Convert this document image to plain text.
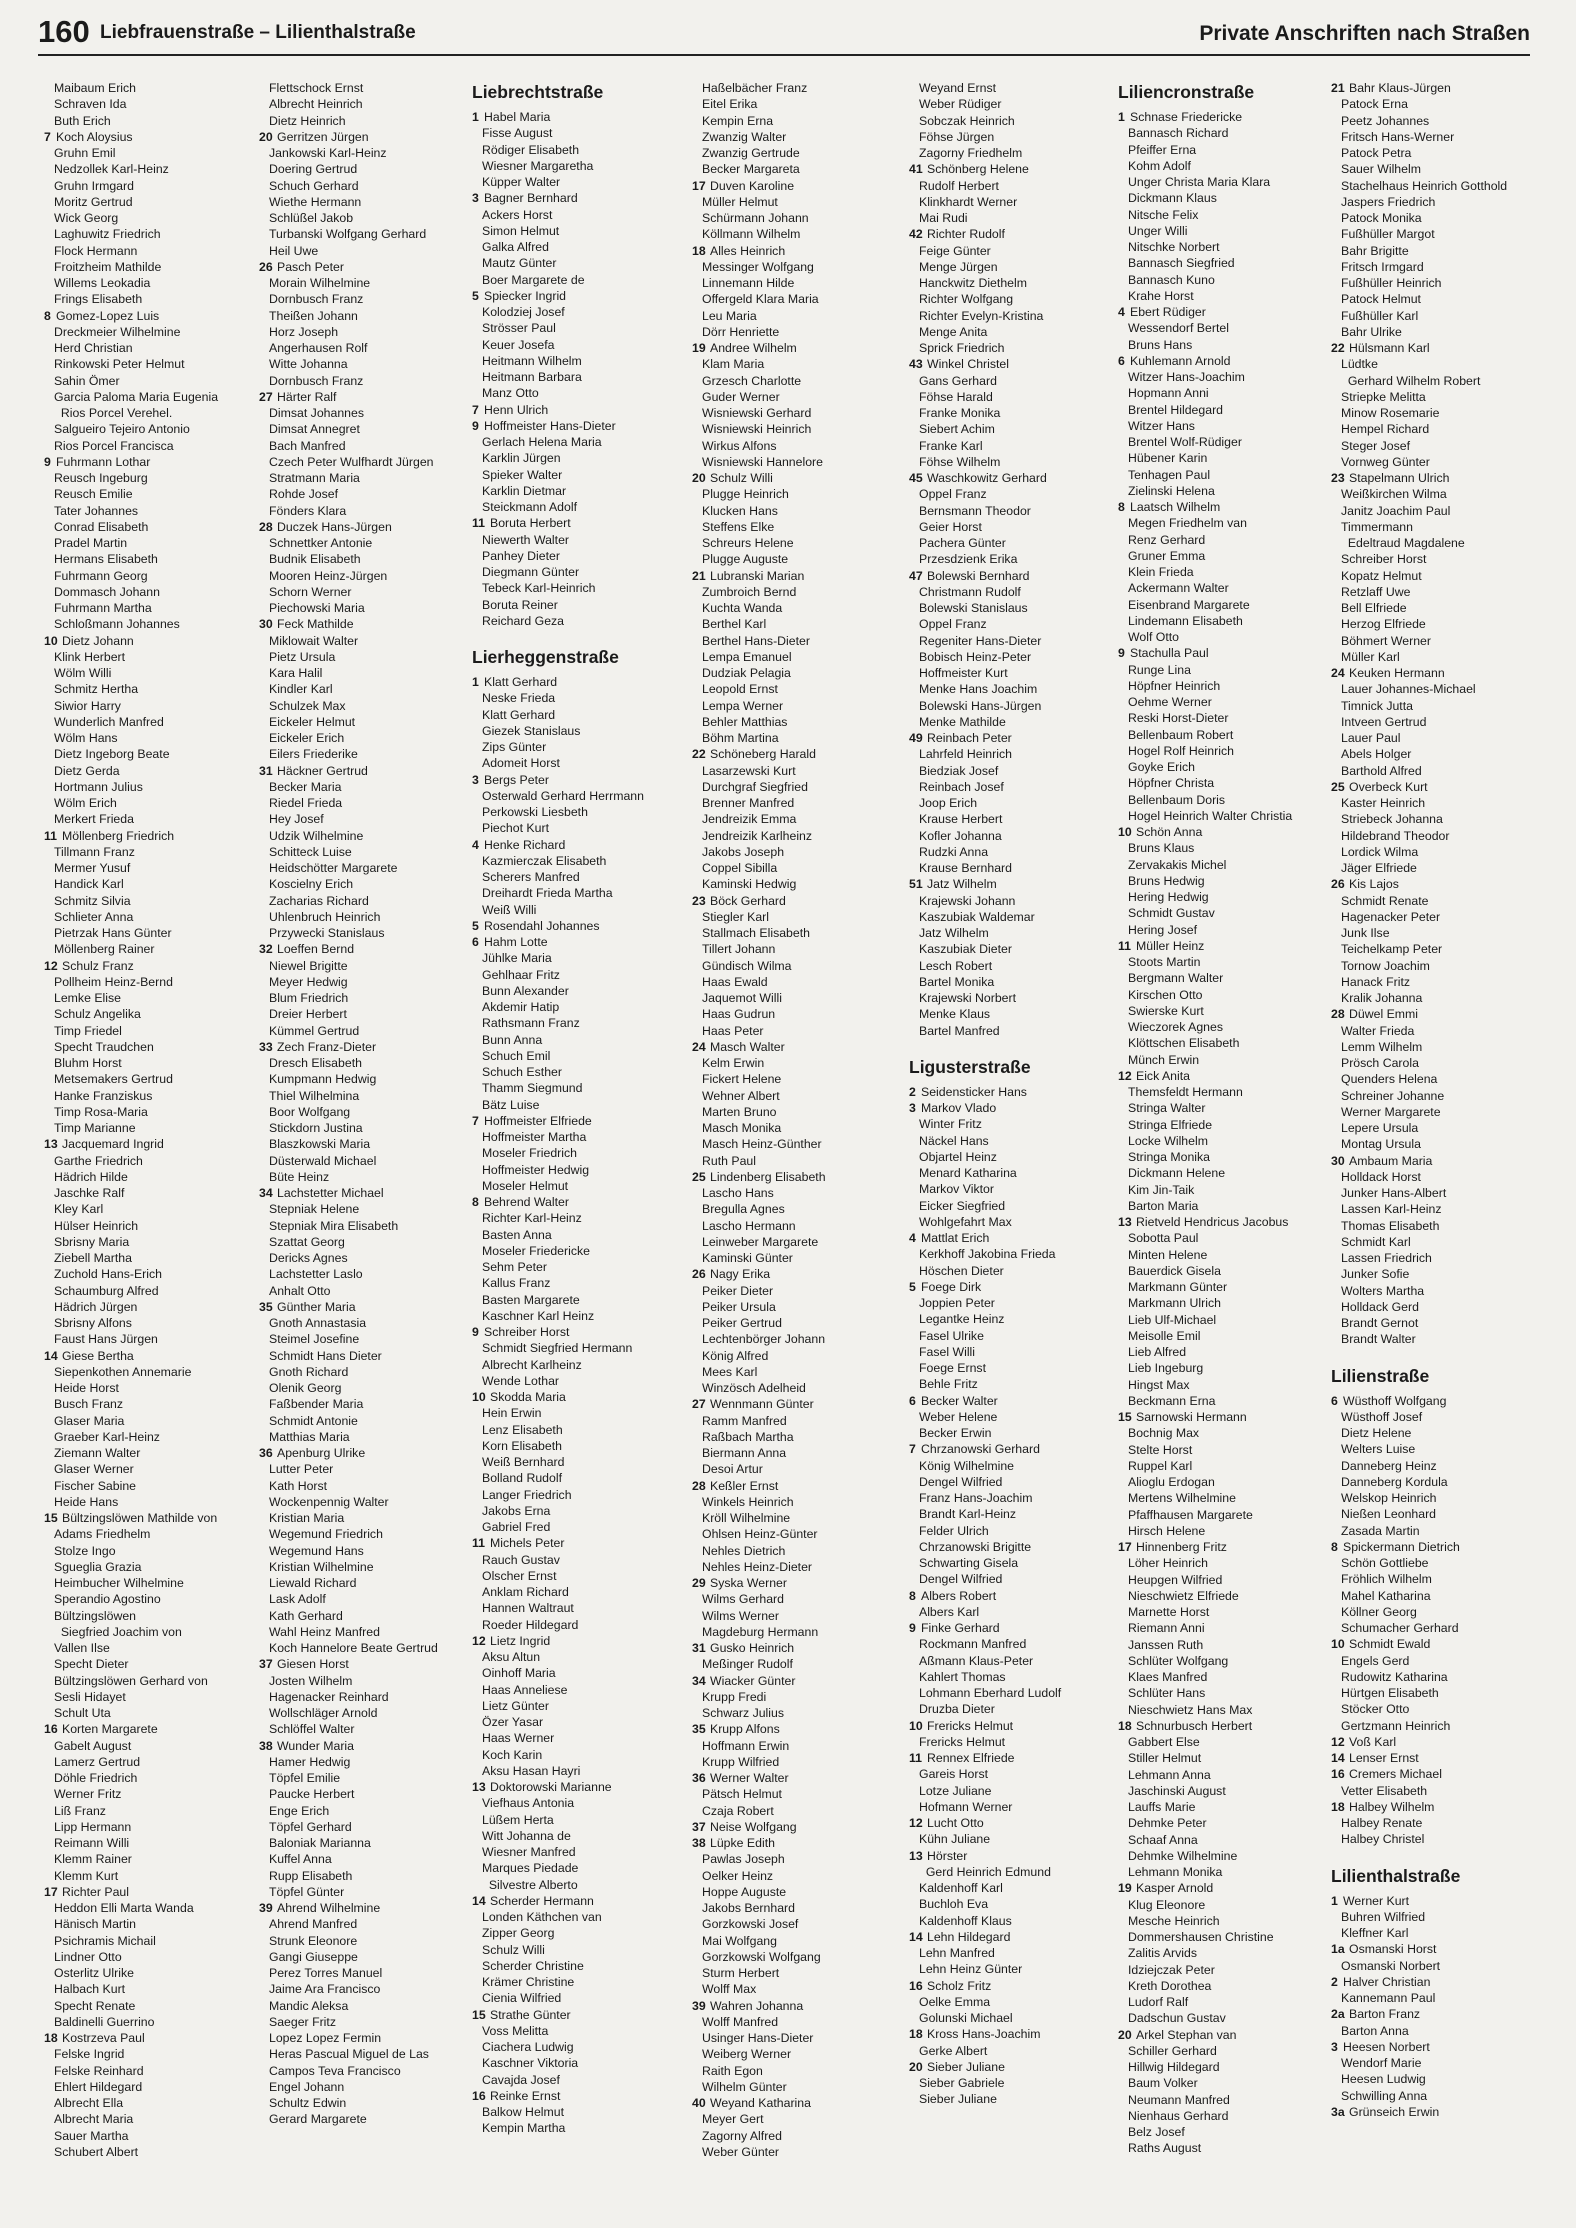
160 Liebfrauenstraße – Lilienthalstraße	Private Anschriften nach Straßen
Maibaum Erich
Schraven Ida
Buth Erich
7 Koch Aloysius
Gruhn Emil
Nedzollek Karl-Heinz
Gruhn Irmgard
Moritz Gertrud
Wick Georg
Laghuwitz Friedrich
Flock Hermann
Froitzheim Mathilde
Willems Leokadia
Frings Elisabeth
8 Gomez-Lopez Luis
Dreckmeier Wilhelmine
Herd Christian
Rinkowski Peter Helmut
Sahin Ömer
Garcia Paloma Maria Eugenia
Rios Porcel Verehel.
Salgueiro Tejeiro Antonio
Rios Porcel Francisca
9 Fuhrmann Lothar
Reusch Ingeburg
Reusch Emilie
Tater Johannes
Conrad Elisabeth
Pradel Martin
Hermans Elisabeth
Fuhrmann Georg
Dommasch Johann
Fuhrmann Martha
Schloßmann Johannes
10 Dietz Johann
Klink Herbert
Wölm Willi
Schmitz Hertha
Siwior Harry
Wunderlich Manfred
Wölm Hans
Dietz Ingeborg Beate
Dietz Gerda
Hortmann Julius
Wölm Erich
Merkert Frieda
11 Möllenberg Friedrich
Tillmann Franz
Mermer Yusuf
Handick Karl
Schmitz Silvia
Schlieter Anna
Pietrzak Hans Günter
Möllenberg Rainer
12 Schulz Franz
Pollheim Heinz-Bernd
Lemke Elise
Schulz Angelika
Timp Friedel
Specht Traudchen
Bluhm Horst
Metsemakers Gertrud
Hanke Franziskus
Timp Rosa-Maria
Timp Marianne
13 Jacquemard Ingrid
Garthe Friedrich
Hädrich Hilde
Jaschke Ralf
Kley Karl
Hülser Heinrich
Sbrisny Maria
Ziebell Martha
Zuchold Hans-Erich
Schaumburg Alfred
Hädrich Jürgen
Sbrisny Alfons
Faust Hans Jürgen
14 Giese Bertha
Siepenkothen Annemarie
Heide Horst
Busch Franz
Glaser Maria
Graeber Karl-Heinz
Ziemann Walter
Glaser Werner
Fischer Sabine
Heide Hans
15 Bültzingslöwen Mathilde von
Adams Friedhelm
Stolze Ingo
Sgueglia Grazia
Heimbucher Wilhelmine
Sperandio Agostino
Bültzingslöwen
Siegfried Joachim von
Vallen Ilse
Specht Dieter
Bültzingslöwen Gerhard von
Sesli Hidayet
Schult Uta
16 Korten Margarete
Gabelt August
Lamerz Gertrud
Döhle Friedrich
Werner Fritz
Liß Franz
Lipp Hermann
Reimann Willi
Klemm Rainer
Klemm Kurt
17 Richter Paul
Heddon Elli Marta Wanda
Hänisch Martin
Psichramis Michail
Lindner Otto
Osterlitz Ulrike
Halbach Kurt
Specht Renate
Baldinelli Guerrino
18 Kostrzeva Paul
Felske Ingrid
Felske Reinhard
Ehlert Hildegard
Albrecht Ella
Albrecht Maria
Sauer Martha
Schubert Albert
Flettschock Ernst
Albrecht Heinrich
Dietz Heinrich
20 Gerritzen Jürgen
Jankowski Karl-Heinz
Doering Gertrud
Schuch Gerhard
Wiethe Hermann
Schlüßel Jakob
Turbanski Wolfgang Gerhard
Heil Uwe
26 Pasch Peter
Morain Wilhelmine
Dornbusch Franz
Theißen Johann
Horz Joseph
Angerhausen Rolf
Witte Johanna
Dornbusch Franz
27 Härter Ralf
Dimsat Johannes
Dimsat Annegret
Bach Manfred
Czech Peter Wulfhardt Jürgen
Stratmann Maria
Rohde Josef
Fönders Klara
28 Duczek Hans-Jürgen
Schnettker Antonie
Budnik Elisabeth
Mooren Heinz-Jürgen
Schorn Werner
Piechowski Maria
30 Feck Mathilde
Miklowait Walter
Pietz Ursula
Kara Halil
Kindler Karl
Schulzek Max
Eickeler Helmut
Eickeler Erich
Eilers Friederike
31 Häckner Gertrud
Becker Maria
Riedel Frieda
Hey Josef
Udzik Wilhelmine
Schitteck Luise
Heidschötter Margarete
Koscielny Erich
Zacharias Richard
Uhlenbruch Heinrich
Przywecki Stanislaus
32 Loeffen Bernd
Niewel Brigitte
Meyer Hedwig
Blum Friedrich
Dreier Herbert
Kümmel Gertrud
33 Zech Franz-Dieter
Dresch Elisabeth
Kumpmann Hedwig
Thiel Wilhelmina
Boor Wolfgang
Stickdorn Justina
Blaszkowski Maria
Düsterwald Michael
Büte Heinz
34 Lachstetter Michael
Stepniak Helene
Stepniak Mira Elisabeth
Szattat Georg
Dericks Agnes
Lachstetter Laslo
Anhalt Otto
35 Günther Maria
Gnoth Annastasia
Steimel Josefine
Schmidt Hans Dieter
Gnoth Richard
Olenik Georg
Faßbender Maria
Schmidt Antonie
Matthias Maria
36 Apenburg Ulrike
Lutter Peter
Kath Horst
Wockenpennig Walter
Kristian Maria
Wegemund Friedrich
Wegemund Hans
Kristian Wilhelmine
Liewald Richard
Lask Adolf
Kath Gerhard
Wahl Heinz Manfred
Koch Hannelore Beate Gertrud
37 Giesen Horst
Josten Wilhelm
Hagenacker Reinhard
Wollschläger Arnold
Schlöffel Walter
38 Wunder Maria
Hamer Hedwig
Töpfel Emilie
Paucke Herbert
Enge Erich
Töpfel Gerhard
Baloniak Marianna
Kuffel Anna
Rupp Elisabeth
Töpfel Günter
39 Ahrend Wilhelmine
Ahrend Manfred
Strunk Eleonore
Gangi Giuseppe
Perez Torres Manuel
Jaime Ara Francisco
Mandic Aleksa
Saeger Fritz
Lopez Lopez Fermin
Heras Pascual Miguel de Las
Campos Teva Francisco
Engel Johann
Schultz Edwin
Gerard Margarete
Liebrechtstraße
1 Habel Maria
Fisse August
Rödiger Elisabeth
Wiesner Margaretha
Küpper Walter
3 Bagner Bernhard
Ackers Horst
Simon Helmut
Galka Alfred
Mautz Günter
Boer Margarete de
5 Spiecker Ingrid
Kolodziej Josef
Strösser Paul
Keuer Josefa
Heitmann Wilhelm
Heitmann Barbara
Manz Otto
7 Henn Ulrich
9 Hoffmeister Hans-Dieter
Gerlach Helena Maria
Karklin Jürgen
Spieker Walter
Karklin Dietmar
Steickmann Adolf
11 Boruta Herbert
Niewerth Walter
Panhey Dieter
Diegmann Günter
Tebeck Karl-Heinrich
Boruta Reiner
Reichard Geza
Lierheggenstraße
1 Klatt Gerhard
Neske Frieda
Klatt Gerhard
Giezek Stanislaus
Zips Günter
Adomeit Horst
3 Bergs Peter
Osterwald Gerhard Herrmann
Perkowski Liesbeth
Piechot Kurt
4 Henke Richard
Kazmierczak Elisabeth
Scherers Manfred
Dreihardt Frieda Martha
Weiß Willi
5 Rosendahl Johannes
6 Hahm Lotte
Jühlke Maria
Gehlhaar Fritz
Bunn Alexander
Akdemir Hatip
Rathsmann Franz
Bunn Anna
Schuch Emil
Schuch Esther
Thamm Siegmund
Bätz Luise
7 Hoffmeister Elfriede
Hoffmeister Martha
Moseler Friedrich
Hoffmeister Hedwig
Moseler Helmut
8 Behrend Walter
Richter Karl-Heinz
Basten Anna
Moseler Friedericke
Sehm Peter
Kallus Franz
Basten Margarete
Kaschner Karl Heinz
9 Schreiber Horst
Schmidt Siegfried Hermann
Albrecht Karlheinz
Wende Lothar
10 Skodda Maria
Hein Erwin
Lenz Elisabeth
Korn Elisabeth
Weiß Bernhard
Bolland Rudolf
Langer Friedrich
Jakobs Erna
Gabriel Fred
11 Michels Peter
Rauch Gustav
Olscher Ernst
Anklam Richard
Hannen Waltraut
Roeder Hildegard
12 Lietz Ingrid
Aksu Altun
Oinhoff Maria
Haas Anneliese
Lietz Günter
Özer Yasar
Haas Werner
Koch Karin
Aksu Hasan Hayri
13 Doktorowski Marianne
Viefhaus Antonia
Lüßem Herta
Witt Johanna de
Wiesner Manfred
Marques Piedade
Silvestre Alberto
14 Scherder Hermann
Londen Käthchen van
Zipper Georg
Schulz Willi
Scherder Christine
Krämer Christine
Cienia Wilfried
15 Strathe Günter
Voss Melitta
Ciachera Ludwig
Kaschner Viktoria
Cavajda Josef
16 Reinke Ernst
Balkow Helmut
Kempin Martha
Haßelbächer Franz
Eitel Erika
Kempin Erna
Zwanzig Walter
Zwanzig Gertrude
Becker Margareta
17 Duven Karoline
Müller Helmut
Schürmann Johann
Köllmann Wilhelm
18 Alles Heinrich
Messinger Wolfgang
Linnemann Hilde
Offergeld Klara Maria
Leu Maria
Dörr Henriette
19 Andree Wilhelm
Klam Maria
Grzesch Charlotte
Guder Werner
Wisniewski Gerhard
Wisniewski Heinrich
Wirkus Alfons
Wisniewski Hannelore
20 Schulz Willi
Plugge Heinrich
Klucken Hans
Steffens Elke
Schreurs Helene
Plugge Auguste
21 Lubranski Marian
Zumbroich Bernd
Kuchta Wanda
Berthel Karl
Berthel Hans-Dieter
Lempa Emanuel
Dudziak Pelagia
Leopold Ernst
Lempa Werner
Behler Matthias
Böhm Martina
22 Schöneberg Harald
Lasarzewski Kurt
Durchgraf Siegfried
Brenner Manfred
Jendreizik Emma
Jendreizik Karlheinz
Jakobs Joseph
Coppel Sibilla
Kaminski Hedwig
23 Böck Gerhard
Stiegler Karl
Stallmach Elisabeth
Tillert Johann
Gündisch Wilma
Haas Ewald
Jaquemot Willi
Haas Gudrun
Haas Peter
24 Masch Walter
Kelm Erwin
Fickert Helene
Wehner Albert
Marten Bruno
Masch Monika
Masch Heinz-Günther
Ruth Paul
25 Lindenberg Elisabeth
Lascho Hans
Bregulla Agnes
Lascho Hermann
Leinweber Margarete
Kaminski Günter
26 Nagy Erika
Peiker Dieter
Peiker Ursula
Peiker Gertrud
Lechtenbörger Johann
König Alfred
Mees Karl
Winzösch Adelheid
27 Wennmann Günter
Ramm Manfred
Raßbach Martha
Biermann Anna
Desoi Artur
28 Keßler Ernst
Winkels Heinrich
Kröll Wilhelmine
Ohlsen Heinz-Günter
Nehles Dietrich
Nehles Heinz-Dieter
29 Syska Werner
Wilms Gerhard
Wilms Werner
Magdeburg Hermann
31 Gusko Heinrich
Meßinger Rudolf
34 Wiacker Günter
Krupp Fredi
Schwarz Julius
35 Krupp Alfons
Hoffmann Erwin
Krupp Wilfried
36 Werner Walter
Pätsch Helmut
Czaja Robert
37 Neise Wolfgang
38 Lüpke Edith
Pawlas Joseph
Oelker Heinz
Hoppe Auguste
Jakobs Bernhard
Gorzkowski Josef
Mai Wolfgang
Gorzkowski Wolfgang
Sturm Herbert
Wolff Max
39 Wahren Johanna
Wolff Manfred
Usinger Hans-Dieter
Weiberg Werner
Raith Egon
Wilhelm Günter
40 Weyand Katharina
Meyer Gert
Zagorny Alfred
Weber Günter
Weyand Ernst
Weber Rüdiger
Sobczak Heinrich
Föhse Jürgen
Zagorny Friedhelm
41 Schönberg Helene
Rudolf Herbert
Klinkhardt Werner
Mai Rudi
42 Richter Rudolf
Feige Günter
Menge Jürgen
Hanckwitz Diethelm
Richter Wolfgang
Richter Evelyn-Kristina
Menge Anita
Sprick Friedrich
43 Winkel Christel
Gans Gerhard
Föhse Harald
Franke Monika
Siebert Achim
Franke Karl
Föhse Wilhelm
45 Waschkowitz Gerhard
Oppel Franz
Bernsmann Theodor
Geier Horst
Pachera Günter
Przesdzienk Erika
47 Bolewski Bernhard
Christmann Rudolf
Bolewski Stanislaus
Oppel Franz
Regeniter Hans-Dieter
Bobisch Heinz-Peter
Hoffmeister Kurt
Menke Hans Joachim
Bolewski Hans-Jürgen
Menke Mathilde
49 Reinbach Peter
Lahrfeld Heinrich
Biedziak Josef
Reinbach Josef
Joop Erich
Krause Herbert
Kofler Johanna
Rudzki Anna
Krause Bernhard
51 Jatz Wilhelm
Krajewski Johann
Kaszubiak Waldemar
Jatz Wilhelm
Kaszubiak Dieter
Lesch Robert
Bartel Monika
Krajewski Norbert
Menke Klaus
Bartel Manfred
Ligusterstraße
2 Seidensticker Hans
3 Markov Vlado
Winter Fritz
Näckel Hans
Objartel Heinz
Menard Katharina
Markov Viktor
Eicker Siegfried
Wohlgefahrt Max
4 Mattlat Erich
Kerkhoff Jakobina Frieda
Höschen Dieter
5 Foege Dirk
Joppien Peter
Legantke Heinz
Fasel Ulrike
Fasel Willi
Foege Ernst
Behle Fritz
6 Becker Walter
Weber Helene
Becker Erwin
7 Chrzanowski Gerhard
König Wilhelmine
Dengel Wilfried
Franz Hans-Joachim
Brandt Karl-Heinz
Felder Ulrich
Chrzanowski Brigitte
Schwarting Gisela
Dengel Wilfried
8 Albers Robert
Albers Karl
9 Finke Gerhard
Rockmann Manfred
Aßmann Klaus-Peter
Kahlert Thomas
Lohmann Eberhard Ludolf
Druzba Dieter
10 Frericks Helmut
Frericks Helmut
11 Rennex Elfriede
Gareis Horst
Lotze Juliane
Hofmann Werner
12 Lucht Otto
Kühn Juliane
13 Hörster
Gerd Heinrich Edmund
Kaldenhoff Karl
Buchloh Eva
Kaldenhoff Klaus
14 Lehn Hildegard
Lehn Manfred
Lehn Heinz Günter
16 Scholz Fritz
Oelke Emma
Golunski Michael
18 Kross Hans-Joachim
Gerke Albert
20 Sieber Juliane
Sieber Gabriele
Sieber Juliane
Liliencronstraße
1 Schnase Friedericke
Bannasch Richard
Pfeiffer Erna
Kohm Adolf
Unger Christa Maria Klara
Dickmann Klaus
Nitsche Felix
Unger Willi
Nitschke Norbert
Bannasch Siegfried
Bannasch Kuno
Krahe Horst
4 Ebert Rüdiger
Wessendorf Bertel
Bruns Hans
6 Kuhlemann Arnold
Witzer Hans-Joachim
Hopmann Anni
Brentel Hildegard
Witzer Hans
Brentel Wolf-Rüdiger
Hübener Karin
Tenhagen Paul
Zielinski Helena
8 Laatsch Wilhelm
Megen Friedhelm van
Renz Gerhard
Gruner Emma
Klein Frieda
Ackermann Walter
Eisenbrand Margarete
Lindemann Elisabeth
Wolf Otto
9 Stachulla Paul
Runge Lina
Höpfner Heinrich
Oehme Werner
Reski Horst-Dieter
Bellenbaum Robert
Hogel Rolf Heinrich
Goyke Erich
Höpfner Christa
Bellenbaum Doris
Hogel Heinrich Walter Christia
10 Schön Anna
Bruns Klaus
Zervakakis Michel
Bruns Hedwig
Hering Hedwig
Schmidt Gustav
Hering Josef
11 Müller Heinz
Stoots Martin
Bergmann Walter
Kirschen Otto
Swierske Kurt
Wieczorek Agnes
Klöttschen Elisabeth
Münch Erwin
12 Eick Anita
Themsfeldt Hermann
Stringa Walter
Stringa Elfriede
Locke Wilhelm
Stringa Monika
Dickmann Helene
Kim Jin-Taik
Barton Maria
13 Rietveld Hendricus Jacobus
Sobotta Paul
Minten Helene
Bauerdick Gisela
Markmann Günter
Markmann Ulrich
Lieb Ulf-Michael
Meisolle Emil
Lieb Alfred
Lieb Ingeburg
Hingst Max
Beckmann Erna
15 Sarnowski Hermann
Bochnig Max
Stelte Horst
Ruppel Karl
Alioglu Erdogan
Mertens Wilhelmine
Pfaffhausen Margarete
Hirsch Helene
17 Hinnenberg Fritz
Löher Heinrich
Heupgen Wilfried
Nieschwietz Elfriede
Marnette Horst
Riemann Anni
Janssen Ruth
Schlüter Wolfgang
Klaes Manfred
Schlüter Hans
Nieschwietz Hans Max
18 Schnurbusch Herbert
Gabbert Else
Stiller Helmut
Lehmann Anna
Jaschinski August
Lauffs Marie
Dehmke Peter
Schaaf Anna
Dehmke Wilhelmine
Lehmann Monika
19 Kasper Arnold
Klug Eleonore
Mesche Heinrich
Dommershausen Christine
Zalitis Arvids
Idziejczak Peter
Kreth Dorothea
Ludorf Ralf
Dadschun Gustav
20 Arkel Stephan van
Schiller Gerhard
Hillwig Hildegard
Baum Volker
Neumann Manfred
Nienhaus Gerhard
Belz Josef
Raths August
21 Bahr Klaus-Jürgen
Patock Erna
Peetz Johannes
Fritsch Hans-Werner
Patock Petra
Sauer Wilhelm
Stachelhaus Heinrich Gotthold
Jaspers Friedrich
Patock Monika
Fußhüller Margot
Bahr Brigitte
Fritsch Irmgard
Fußhüller Heinrich
Patock Helmut
Fußhüller Karl
Bahr Ulrike
22 Hülsmann Karl
Lüdtke
Gerhard Wilhelm Robert
Striepke Melitta
Minow Rosemarie
Hempel Richard
Steger Josef
Vornweg Günter
23 Stapelmann Ulrich
Weißkirchen Wilma
Janitz Joachim Paul
Timmermann
Edeltraud Magdalene
Schreiber Horst
Kopatz Helmut
Retzlaff Uwe
Bell Elfriede
Herzog Elfriede
Böhmert Werner
Müller Karl
24 Keuken Hermann
Lauer Johannes-Michael
Timnick Jutta
Intveen Gertrud
Lauer Paul
Abels Holger
Barthold Alfred
25 Overbeck Kurt
Kaster Heinrich
Striebeck Johanna
Hildebrand Theodor
Lordick Wilma
Jäger Elfriede
26 Kis Lajos
Schmidt Renate
Hagenacker Peter
Junk Ilse
Teichelkamp Peter
Tornow Joachim
Hanack Fritz
Kralik Johanna
28 Düwel Emmi
Walter Frieda
Lemm Wilhelm
Prösch Carola
Quenders Helena
Schreiner Johanne
Werner Margarete
Lepere Ursula
Montag Ursula
30 Ambaum Maria
Holldack Horst
Junker Hans-Albert
Lassen Karl-Heinz
Thomas Elisabeth
Schmidt Karl
Lassen Friedrich
Junker Sofie
Wolters Martha
Holldack Gerd
Brandt Gernot
Brandt Walter
Lilienstraße
6 Wüsthoff Wolfgang
Wüsthoff Josef
Dietz Helene
Welters Luise
Danneberg Heinz
Danneberg Kordula
Welskop Heinrich
Nießen Leonhard
Zasada Martin
8 Spickermann Dietrich
Schön Gottliebe
Fröhlich Wilhelm
Mahel Katharina
Köllner Georg
Schumacher Gerhard
10 Schmidt Ewald
Engels Gerd
Rudowitz Katharina
Hürtgen Elisabeth
Stöcker Otto
Gertzmann Heinrich
12 Voß Karl
14 Lenser Ernst
16 Cremers Michael
Vetter Elisabeth
18 Halbey Wilhelm
Halbey Renate
Halbey Christel
Lilienthalstraße
1 Werner Kurt
Buhren Wilfried
Kleffner Karl
1a Osmanski Horst
Osmanski Norbert
2 Halver Christian
Kannemann Paul
2a Barton Franz
Barton Anna
3 Heesen Norbert
Wendorf Marie
Heesen Ludwig
Schwilling Anna
3a Grünseich Erwin
